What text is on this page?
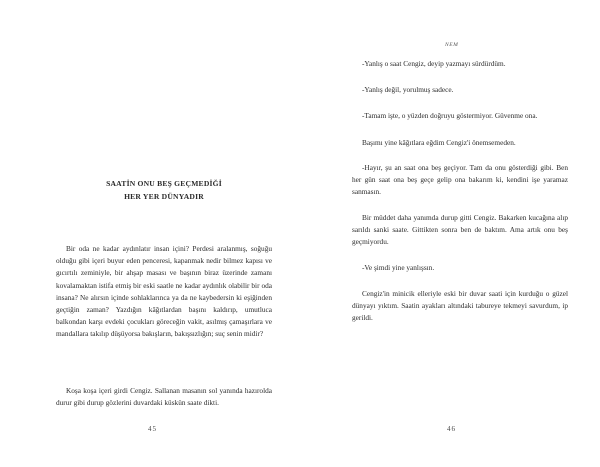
SAATİN ONU BEŞ GEÇMEDİĞİ
HER YER DÜNYADIR
Bir oda ne kadar aydınlatır insan içini? Perdesi aralanmış, soğuğu olduğu gibi içeri buyur eden penceresi, kapanmak nedir bilmez kapısı ve gıcırtılı zeminiyle, bir ahşap masası ve başının biraz üzerinde zamanı kovalamaktan istifa etmiş bir eski saatle ne kadar aydınlık olabilir bir oda insana? Ne alırsın içinde sohlaklarınca ya da ne kaybedersin ki eşiğinden geçtiğin zaman? Yazdığın kâğıtlardan başını kaldırıp, umutluca balkondan karşı evdeki çocukları göreceğin vakit, asılmış çamaşırlara ve mandallara takılıp düşüyorsa bakışların, bakışsızlığın; suç senin midir?
Koşa koşa içeri girdi Cengiz. Sallanan masanın sol yanında hazırolda durur gibi durup gözlerini duvardaki küskün saate dikti.
45
NEM
-Yanlış o saat Cengiz, deyip yazmayı sürdürdüm.
-Yanlış değil, yorulmuş sadece.
-Tamam işte, o yüzden doğruyu göstermiyor. Güvenme ona.
Başımı yine kâğıtlara eğdim Cengiz'i önemsemeden.
-Hayır, şu an saat ona beş geçiyor. Tam da onu gösterdiği gibi. Ben her gün saat ona beş geçe gelip ona bakarım ki, kendini işe yaramaz sanmasın.
Bir müddet daha yanımda durup gitti Cengiz. Bakarken kucağına alıp sarıldı sanki saate. Gittikten sonra ben de baktım. Ama artık onu beş geçmiyordu.
-Ve şimdi yine yanlışsın.
Cengiz'in minicik elleriyle eski bir duvar saati için kurduğu o güzel dünyayı yıktım. Saatin ayakları altındaki tabureye tekmeyi savurdum, ip gerildi.
46
